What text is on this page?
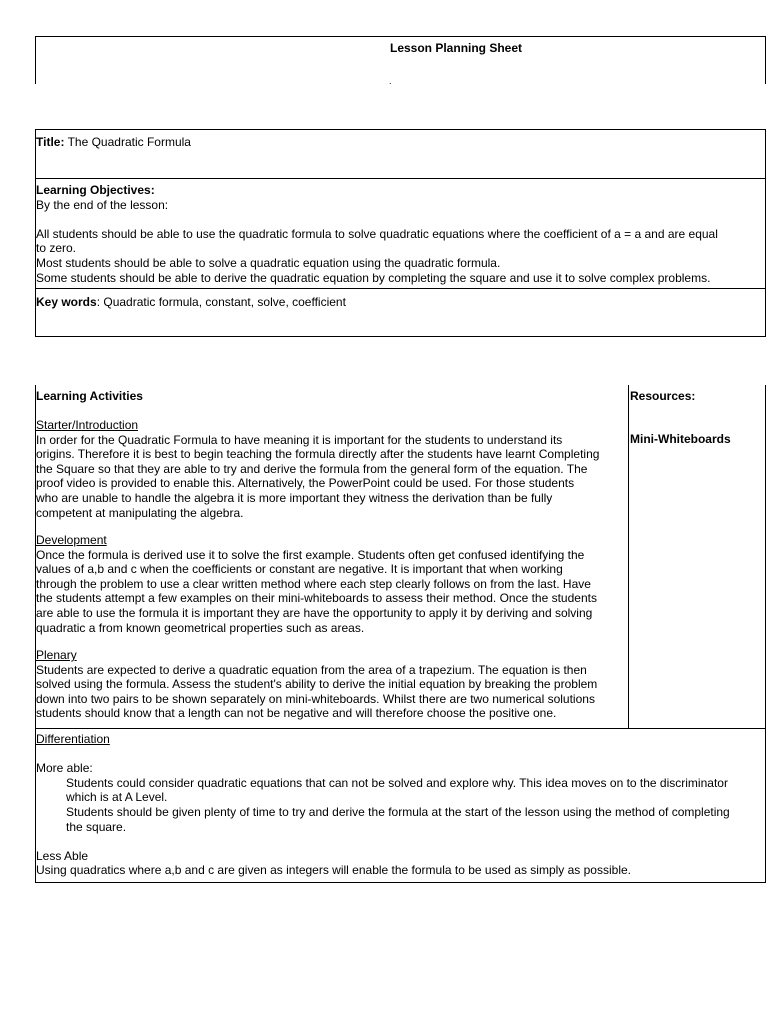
Lesson Planning Sheet
.
Title: The Quadratic Formula
Learning Objectives:
By the end of the lesson:

All students should be able to use the quadratic formula to solve quadratic equations where the coefficient of a = a and are equal
to zero.
Most students should be able to solve a quadratic equation using the quadratic formula.
Some students should be able to derive the quadratic equation by completing the square and use it to solve complex problems.
Key words: Quadratic formula, constant, solve, coefficient
Learning Activities	Resources:
Mini-Whiteboards
Starter/Introduction
In order for the Quadratic Formula to have meaning it is important for the students to understand its
origins. Therefore it is best to begin teaching the formula directly after the students have learnt Completing
the Square so that they are able to try and derive the formula from the general form of the equation. The
proof video is provided to enable this. Alternatively, the PowerPoint could be used. For those students
who are unable to handle the algebra it is more important they witness the derivation than be fully
competent at manipulating the algebra.
Development
Once the formula is derived use it to solve the first example. Students often get confused identifying the
values of a,b and c when the coefficients or constant are negative. It is important that when working
through the problem to use a clear written method where each step clearly follows on from the last. Have
the students attempt a few examples on their mini-whiteboards to assess their method. Once the students
are able to use the formula it is important they are have the opportunity to apply it by deriving and solving
quadratic a from known geometrical properties such as areas.
Plenary
Students are expected to derive a quadratic equation from the area of a trapezium. The equation is then
solved using the formula. Assess the student's ability to derive the initial equation by breaking the problem
down into two pairs to be shown separately on mini-whiteboards. Whilst there are two numerical solutions
students should know that a length can not be negative and will therefore choose the positive one.
Differentiation

More able:
Students could consider quadratic equations that can not be solved and explore why. This idea moves on to the discriminator
which is at A Level.
Students should be given plenty of time to try and derive the formula at the start of the lesson using the method of completing
the square.

Less Able
Using quadratics where a,b and c are given as integers will enable the formula to be used as simply as possible.
